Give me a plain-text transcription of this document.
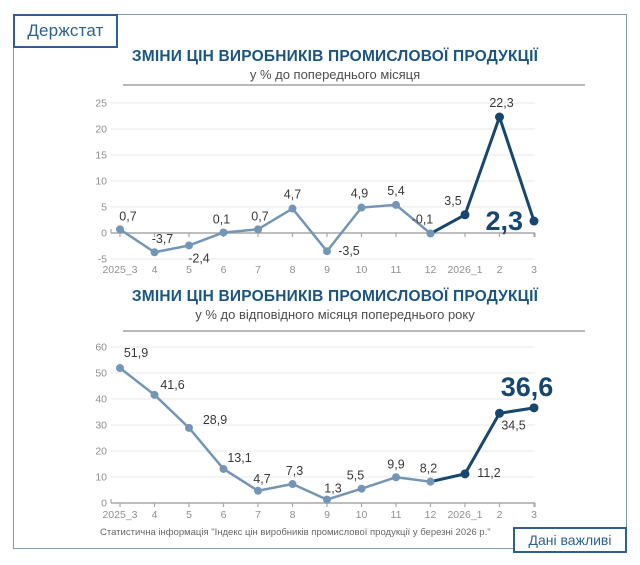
Держстат
ЗМІНИ ЦІН ВИРОБНИКІВ ПРОМИСЛОВОЇ ПРОДУКЦІЇ
у % до попереднього місяця
25
20
15
10
5
0
-5
2025_3 4	5	6	7	8	9 10 11 12 2026_1 2	3
0,7
-3,7
-2,4
0,1 0,7
4,7
-3,5
4,9 5,4
-0,1
3,5
22,3
2,3
ЗМІНИ ЦІН ВИРОБНИКІВ ПРОМИСЛОВОЇ ПРОДУКЦІЇ
у % до відповідного місяця попереднього року
60
50
40
30
20
10
0
2025_3 4	5	6	7	8	9 10 11 12 2026_1 2	3
51,9
41,6
28,9
13,1
4,7
7,3
1,3
5,5
9,9 8,2	11,2
34,5
36,6
Статистична інформація "Індекс цін виробників промислової продукції у березні 2026 р."	Дані важливі
